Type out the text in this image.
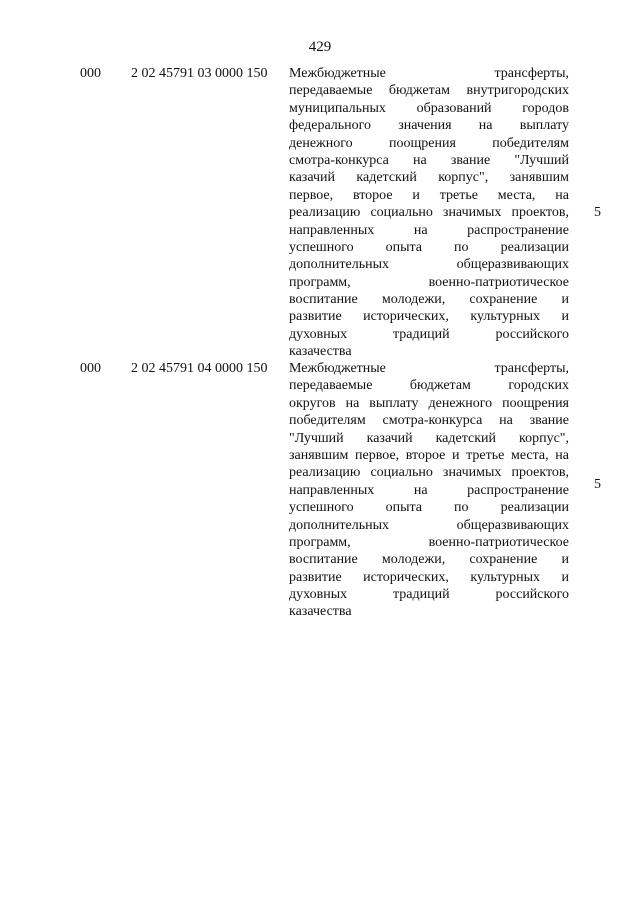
429
000 2 02 45791 03 0000 150 Межбюджетные трансферты,
передаваемые бюджетам внутригородских
муниципальных образований городов
федерального значения на выплату
денежного поощрения победителям
смотра-конкурса на звание "Лучший
казачий кадетский корпус", занявшим
первое, второе и третье места, на
реализацию социально значимых проектов,
направленных на распространение
успешного опыта по реализации
дополнительных общеразвивающих
программ, военно-патриотическое
воспитание молодежи, сохранение и
развитие исторических, культурных и
духовных традиций российского
казачества

5
000 2 02 45791 04 0000 150 Межбюджетные трансферты,
передаваемые бюджетам городских
округов на выплату денежного поощрения
победителям смотра-конкурса на звание
"Лучший казачий кадетский корпус",
занявшим первое, второе и третье места, на
реализацию социально значимых проектов,
направленных на распространение
успешного опыта по реализации
дополнительных общеразвивающих
программ, военно-патриотическое
воспитание молодежи, сохранение и
развитие исторических, культурных и
духовных традиций российского
казачества

5
